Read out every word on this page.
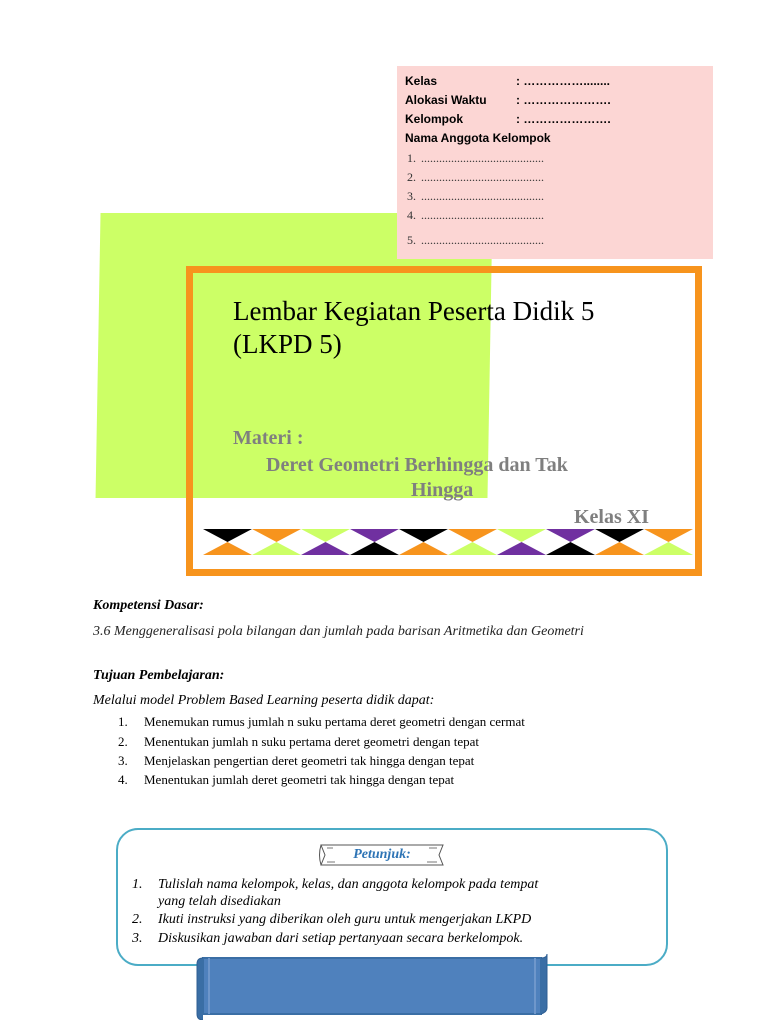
Kelas	: ……………........
Alokasi Waktu : ………………….
Kelompok	: ………………….
Nama Anggota Kelompok
1. .........................................
2. .........................................
3. .........................................
4. .........................................
5. .........................................
Lembar Kegiatan Peserta Didik 5
(LKPD 5)
Materi :
Deret Geometri Berhingga dan Tak
Hingga
Kelas XI
Kompetensi Dasar:
3.6 Menggeneralisasi pola bilangan dan jumlah pada barisan Aritmetika dan Geometri
Tujuan Pembelajaran:
Melalui model Problem Based Learning peserta didik dapat:
1. Menemukan rumus jumlah n suku pertama deret geometri dengan cermat
2. Menentukan jumlah n suku pertama deret geometri dengan tepat
3. Menjelaskan pengertian deret geometri tak hingga dengan tepat
4. Menentukan jumlah deret geometri tak hingga dengan tepat
Petunjuk:
1. Tulislah nama kelompok, kelas, dan anggota kelompok pada tempat
yang telah disediakan
2. Ikuti instruksi yang diberikan oleh guru untuk mengerjakan LKPD
3. Diskusikan jawaban dari setiap pertanyaan secara berkelompok.
